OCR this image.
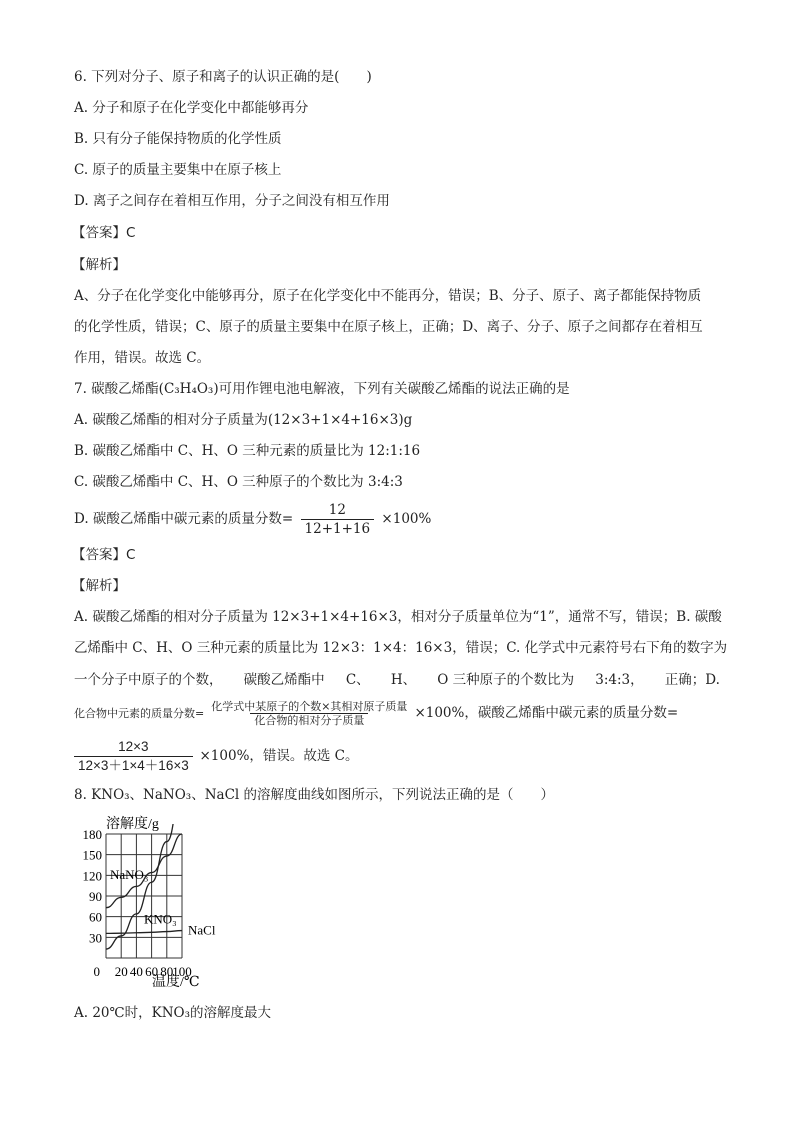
6. 下列对分子、原子和离子的认识正确的是(　　)
A. 分子和原子在化学变化中都能够再分
B. 只有分子能保持物质的化学性质
C. 原子的质量主要集中在原子核上
D. 离子之间存在着相互作用，分子之间没有相互作用
【答案】C
【解析】
A、分子在化学变化中能够再分，原子在化学变化中不能再分，错误；B、分子、原子、离子都能保持物质
的化学性质，错误；C、原子的质量主要集中在原子核上，正确；D、离子、分子、原子之间都存在着相互
作用，错误。故选 C。
7. 碳酸乙烯酯(C₃H₄O₃)可用作锂电池电解液，下列有关碳酸乙烯酯的说法正确的是
A. 碳酸乙烯酯的相对分子质量为(12×3+1×4+16×3)g
B. 碳酸乙烯酯中 C、H、O 三种元素的质量比为 12:1:16
C. 碳酸乙烯酯中 C、H、O 三种原子的个数比为 3:4:3
D. 碳酸乙烯酯中碳元素的质量分数= $\frac{12}{12+1+16} \times 100\%$
【答案】C
【解析】
A. 碳酸乙烯酯的相对分子质量为 12×3+1×4+16×3，相对分子质量单位为“1”，通常不写，错误；B. 碳酸
乙烯酯中 C、H、O 三种元素的质量比为 12×3：1×4：16×3，错误；C. 化学式中元素符号右下角的数字为
一个分子中原子的个数， 碳酸乙烯酯中 C、 H、 O 三种原子的个数比为 3:4:3， 正确；D.
化合物中元素的质量分数= $\frac{\text{化学式中某原子的个数×其相对原子质量}}{\text{化合物的相对分子质量}} \times 100\%$，碳酸乙烯酯中碳元素的质量分数=
$\frac{12\times 3}{12\times 3+1\times 4+16\times 3} \times 100\%$，错误。故选 C。
8. KNO₃、NaNO₃、NaCl 的溶解度曲线如图所示，下列说法正确的是（　　）
30
60
90
120
150
180
0 20 40 60 80
100
NaNO₃
KNO₃
NaCl
溶解度/g
温度/℃
A. 20℃时，KNO₃的溶解度最大
